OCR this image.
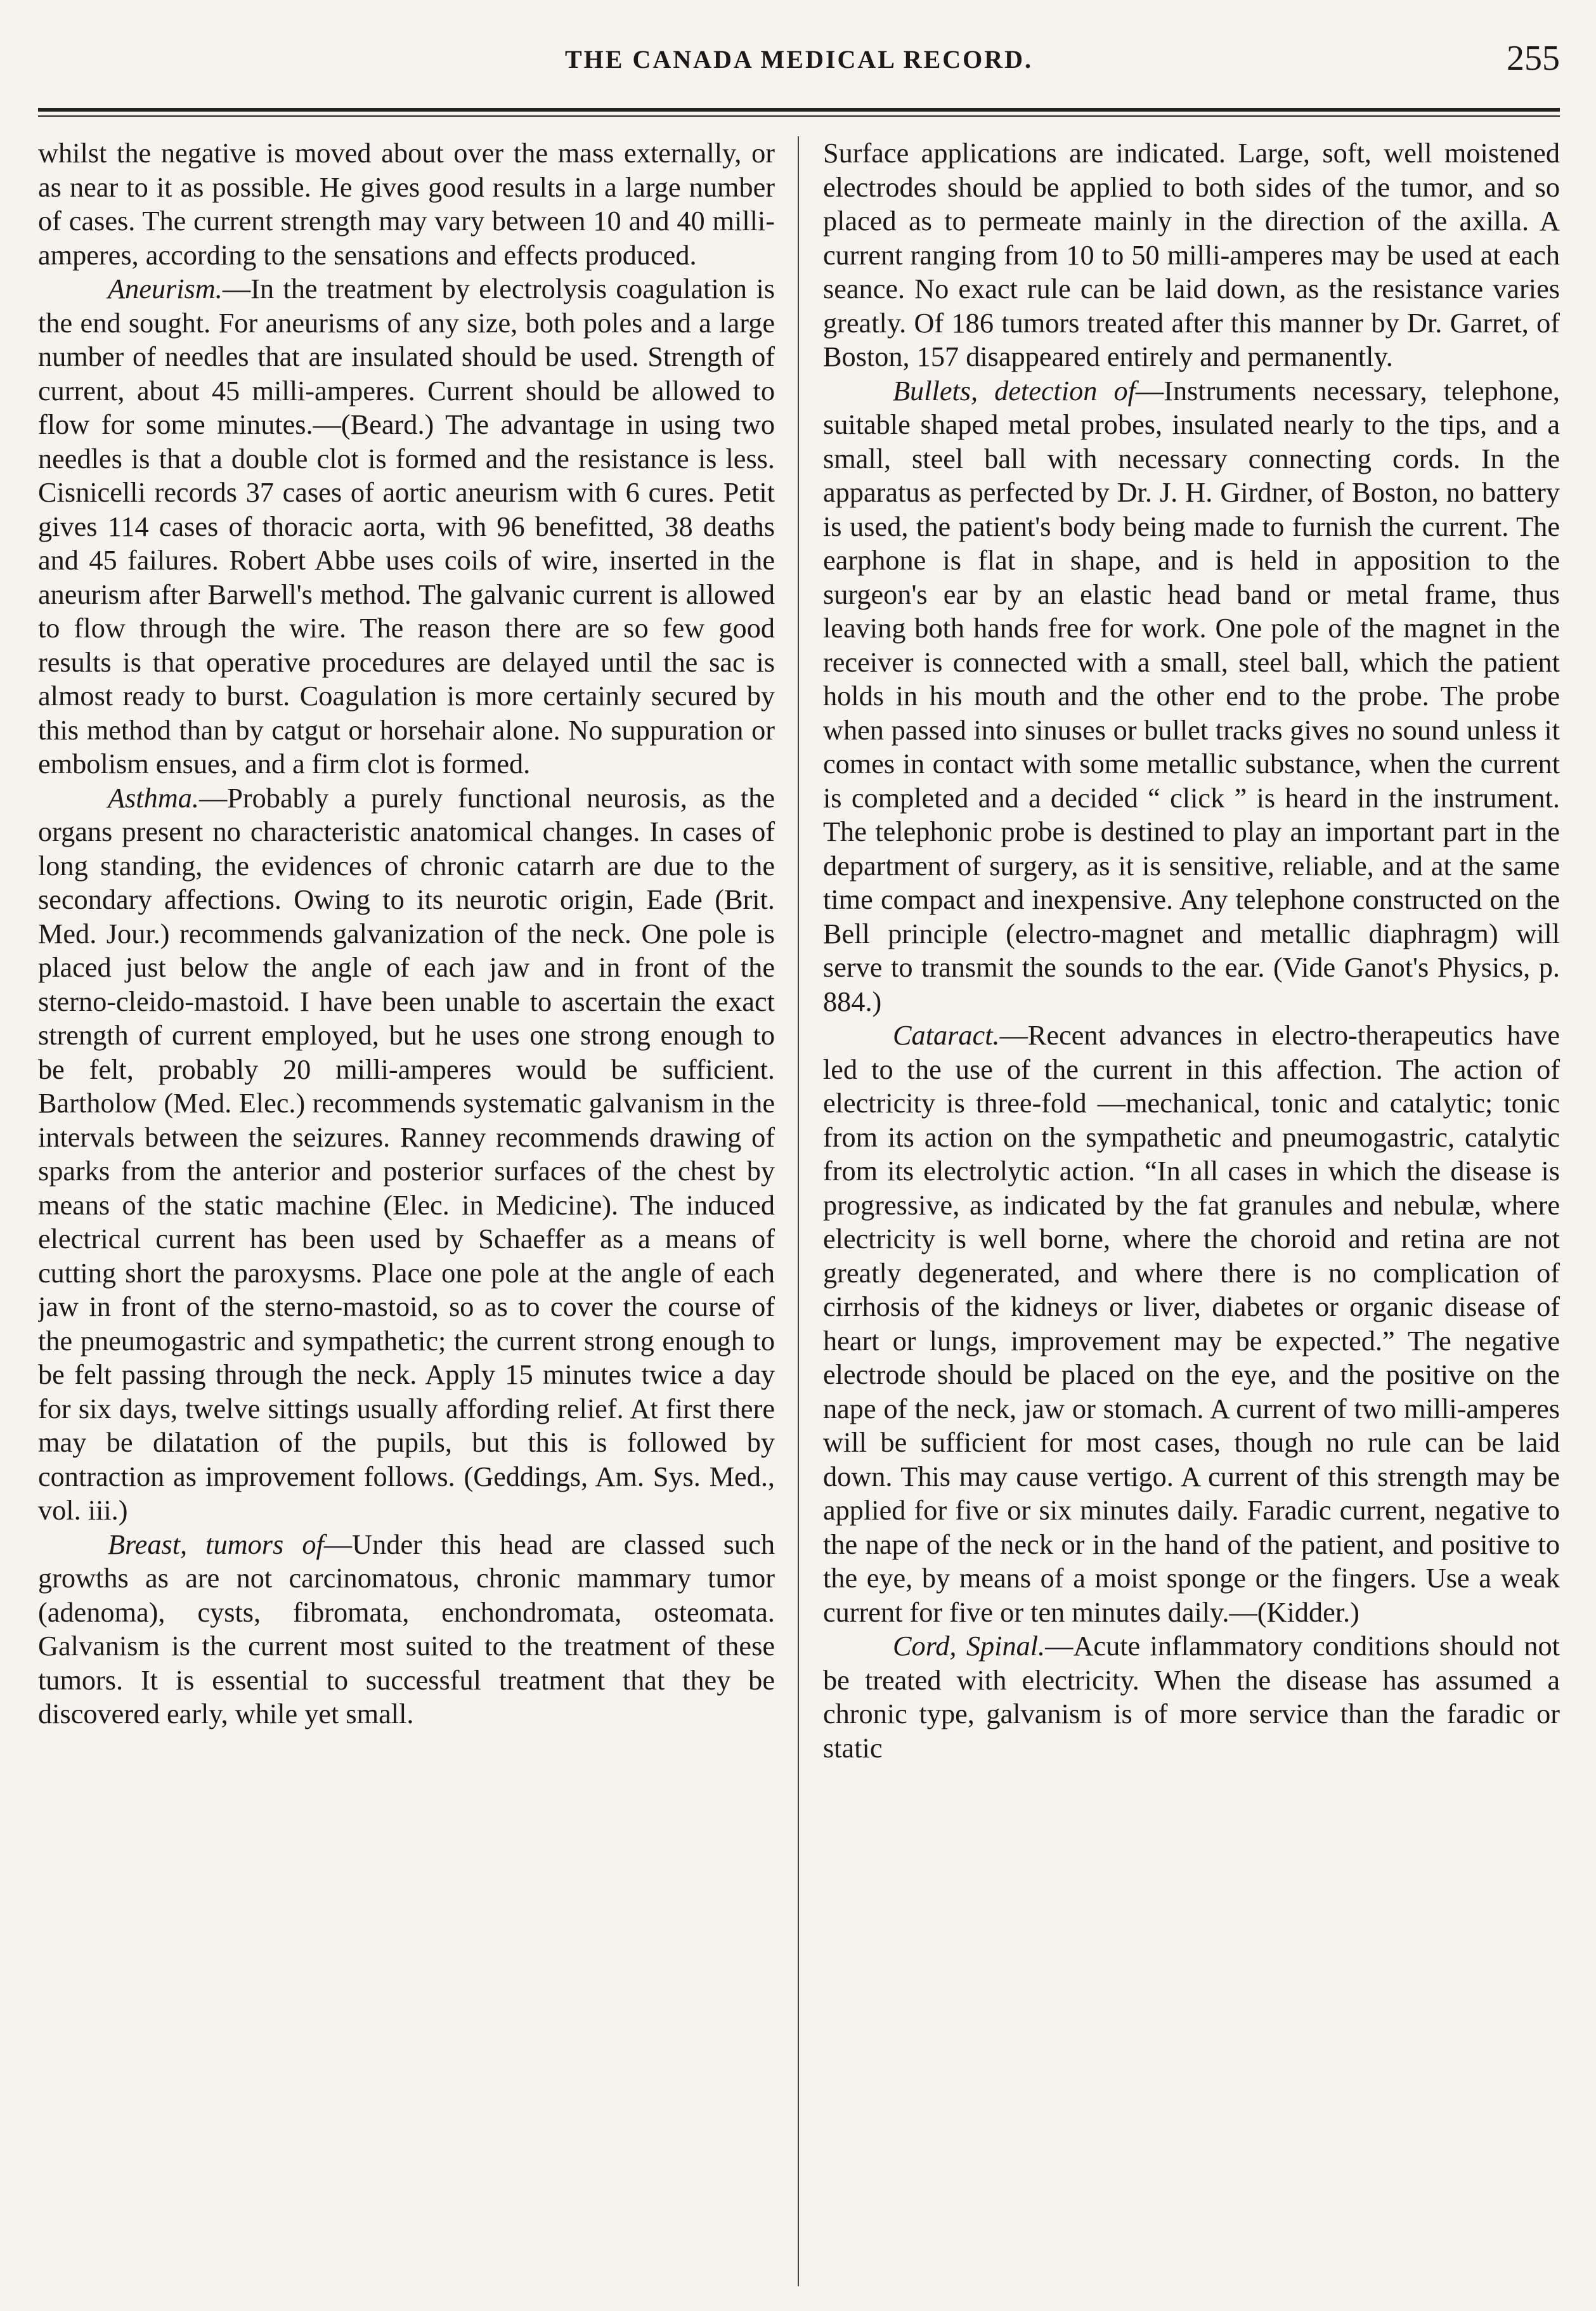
THE CANADA MEDICAL RECORD.	255

whilst the negative is moved about over the mass externally, or as near to it as possible. He gives good results in a large number of cases. The current strength may vary between 10 and 40 milli-amperes, according to the sensations and effects produced.

Aneurism.—In the treatment by electrolysis coagulation is the end sought. For aneurisms of any size, both poles and a large number of needles that are insulated should be used. Strength of current, about 45 milli-amperes. Current should be allowed to flow for some minutes.—(Beard.) The advantage in using two needles is that a double clot is formed and the resistance is less. Cisnicelli records 37 cases of aortic aneurism with 6 cures. Petit gives 114 cases of thoracic aorta, with 96 benefitted, 38 deaths and 45 failures. Robert Abbe uses coils of wire, inserted in the aneurism after Barwell's method. The galvanic current is allowed to flow through the wire. The reason there are so few good results is that operative procedures are delayed until the sac is almost ready to burst. Coagulation is more certainly secured by this method than by catgut or horsehair alone. No suppuration or embolism ensues, and a firm clot is formed.

Asthma.—Probably a purely functional neurosis, as the organs present no characteristic anatomical changes. In cases of long standing, the evidences of chronic catarrh are due to the secondary affections. Owing to its neurotic origin, Eade (Brit. Med. Jour.) recommends galvanization of the neck. One pole is placed just below the angle of each jaw and in front of the sterno-cleido-mastoid. I have been unable to ascertain the exact strength of current employed, but he uses one strong enough to be felt, probably 20 milli-amperes would be sufficient. Bartholow (Med. Elec.) recommends systematic galvanism in the intervals between the seizures. Ranney recommends drawing of sparks from the anterior and posterior surfaces of the chest by means of the static machine (Elec. in Medicine). The induced electrical current has been used by Schaeffer as a means of cutting short the paroxysms. Place one pole at the angle of each jaw in front of the sterno-mastoid, so as to cover the course of the pneumogastric and sympathetic; the current strong enough to be felt passing through the neck. Apply 15 minutes twice a day for six days, twelve sittings usually affording relief. At first there may be dilatation of the pupils, but this is followed by contraction as improvement follows. (Geddings, Am. Sys. Med., vol. iii.)

Breast, tumors of—Under this head are classed such growths as are not carcinomatous, chronic mammary tumor (adenoma), cysts, fibromata, enchondromata, osteomata. Galvanism is the current most suited to the treatment of these tumors. It is essential to successful treatment that they be discovered early, while yet small.

Surface applications are indicated. Large, soft, well moistened electrodes should be applied to both sides of the tumor, and so placed as to permeate mainly in the direction of the axilla. A current ranging from 10 to 50 milli-amperes may be used at each seance. No exact rule can be laid down, as the resistance varies greatly. Of 186 tumors treated after this manner by Dr. Garret, of Boston, 157 disappeared entirely and permanently.

Bullets, detection of—Instruments necessary, telephone, suitable shaped metal probes, insulated nearly to the tips, and a small, steel ball with necessary connecting cords. In the apparatus as perfected by Dr. J. H. Girdner, of Boston, no battery is used, the patient's body being made to furnish the current. The earphone is flat in shape, and is held in apposition to the surgeon's ear by an elastic head band or metal frame, thus leaving both hands free for work. One pole of the magnet in the receiver is connected with a small, steel ball, which the patient holds in his mouth and the other end to the probe. The probe when passed into sinuses or bullet tracks gives no sound unless it comes in contact with some metallic substance, when the current is completed and a decided “ click ” is heard in the instrument. The telephonic probe is destined to play an important part in the department of surgery, as it is sensitive, reliable, and at the same time compact and inexpensive. Any telephone constructed on the Bell principle (electro-magnet and metallic diaphragm) will serve to transmit the sounds to the ear. (Vide Ganot's Physics, p. 884.)

Cataract.—Recent advances in electro-therapeutics have led to the use of the current in this affection. The action of electricity is three-fold —mechanical, tonic and catalytic; tonic from its action on the sympathetic and pneumogastric, catalytic from its electrolytic action. “In all cases in which the disease is progressive, as indicated by the fat granules and nebulæ, where electricity is well borne, where the choroid and retina are not greatly degenerated, and where there is no complication of cirrhosis of the kidneys or liver, diabetes or organic disease of heart or lungs, improvement may be expected.” The negative electrode should be placed on the eye, and the positive on the nape of the neck, jaw or stomach. A current of two milli-amperes will be sufficient for most cases, though no rule can be laid down. This may cause vertigo. A current of this strength may be applied for five or six minutes daily. Faradic current, negative to the nape of the neck or in the hand of the patient, and positive to the eye, by means of a moist sponge or the fingers. Use a weak current for five or ten minutes daily.—(Kidder.)

Cord, Spinal.—Acute inflammatory conditions should not be treated with electricity. When the disease has assumed a chronic type, galvanism is of more service than the faradic or static
